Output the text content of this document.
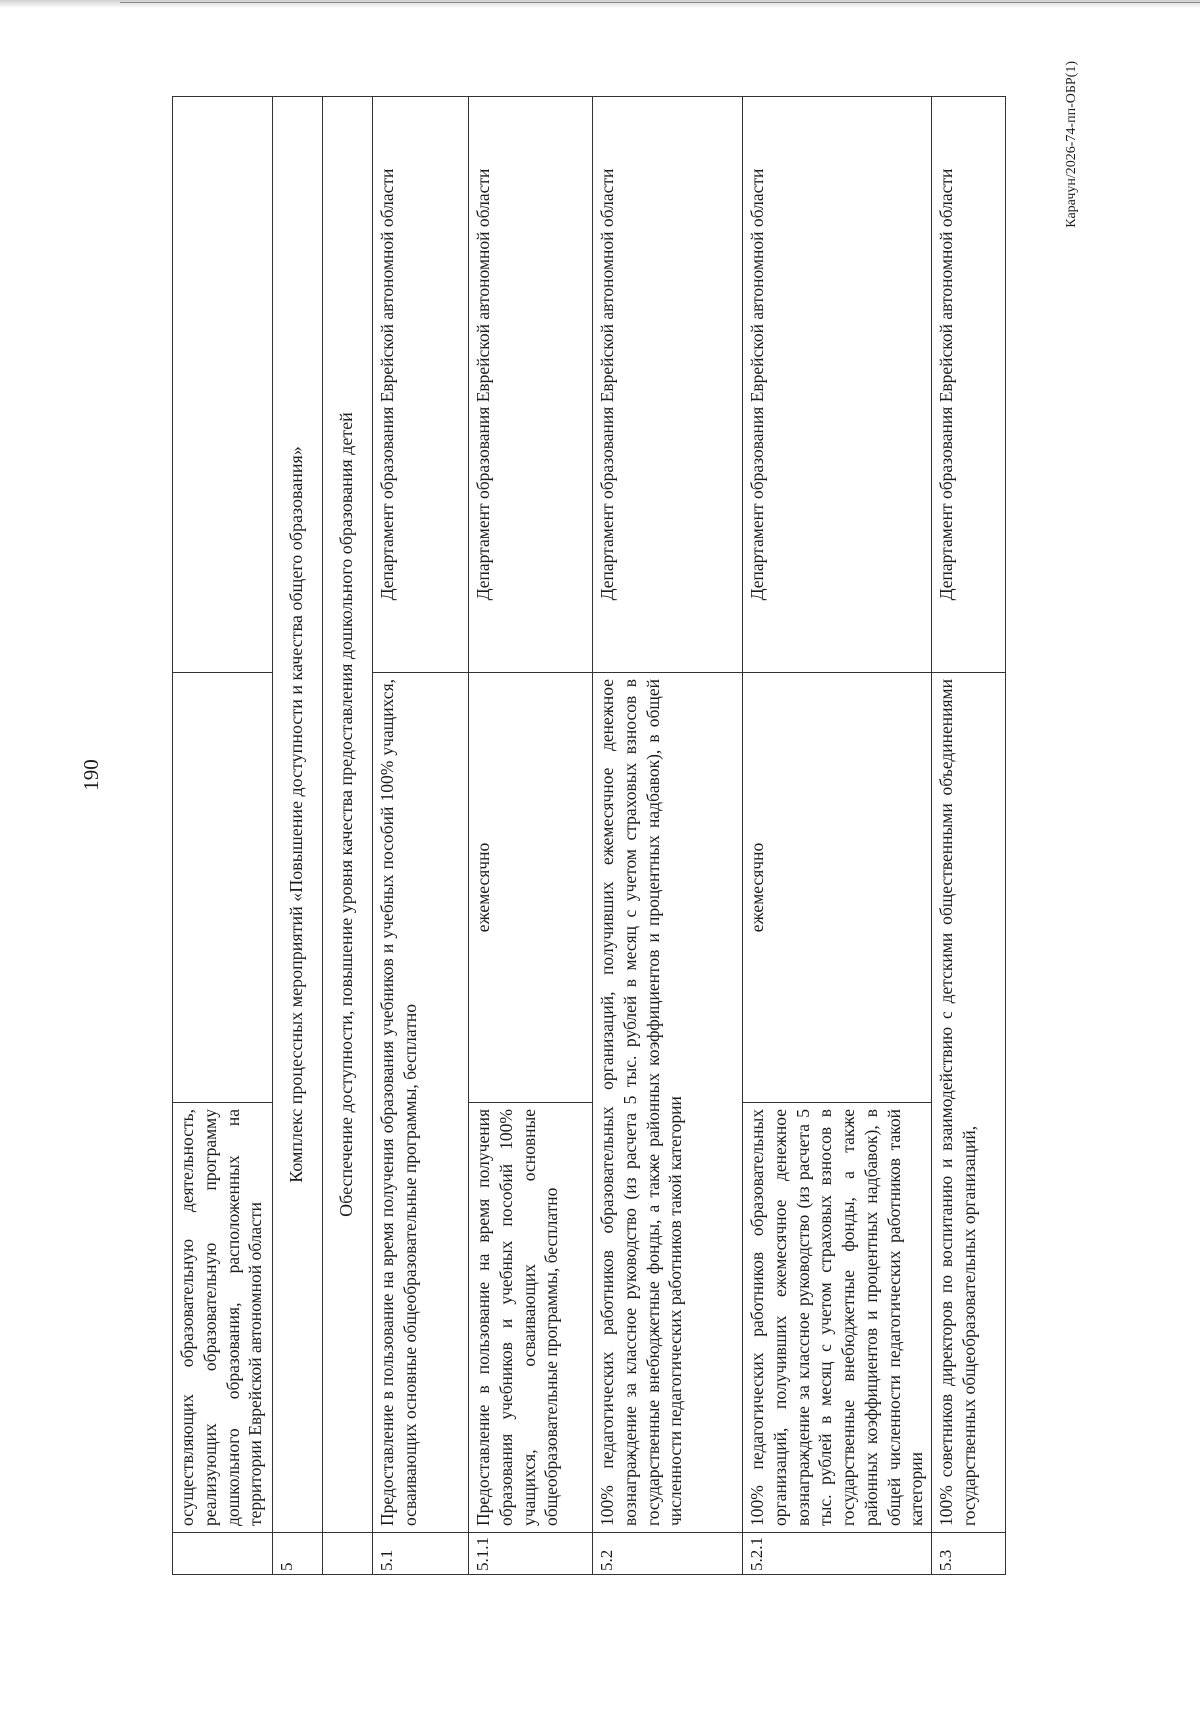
190
	осуществляющих образовательную деятельность, реализующих образовательную программу дошкольного образования, расположенных на территории Еврейской автономной области		
5	Комплекс процессных мероприятий «Повышение доступности и качества общего образования»		
	Обеспечение доступности, повышение уровня качества предоставления дошкольного образования детей		
5.1	Предоставление в пользование на время получения образования учебников и учебных пособий 100% учащихся, осваивающих основные общеобразовательные программы, бесплатно		Департамент образования Еврейской автономной области
5.1.1	Предоставление в пользование на время получения образования учебников и учебных пособий 100% учащихся, осваивающих основные общеобразовательные программы, бесплатно	ежемесячно	Департамент образования Еврейской автономной области
5.2	100% педагогических работников образовательных организаций, получивших ежемесячное денежное вознаграждение за классное руководство (из расчета 5 тыс. рублей в месяц с учетом страховых взносов в государственные внебюджетные фонды, а также районных коэффициентов и процентных надбавок), в общей численности педагогических работников такой категории		Департамент образования Еврейской автономной области
5.2.1	100% педагогических работников образовательных организаций, получивших ежемесячное денежное вознаграждение за классное руководство (из расчета 5 тыс. рублей в месяц с учетом страховых взносов в государственные внебюджетные фонды, а также районных коэффициентов и процентных надбавок), в общей численности педагогических работников такой категории	ежемесячно	Департамент образования Еврейской автономной области
5.3	100% советников директоров по воспитанию и взаимодействию с детскими общественными объединениями государственных общеобразовательных организаций,		Департамент образования Еврейской автономной области
Карачун/2026-74-пп-ОБР(1)
